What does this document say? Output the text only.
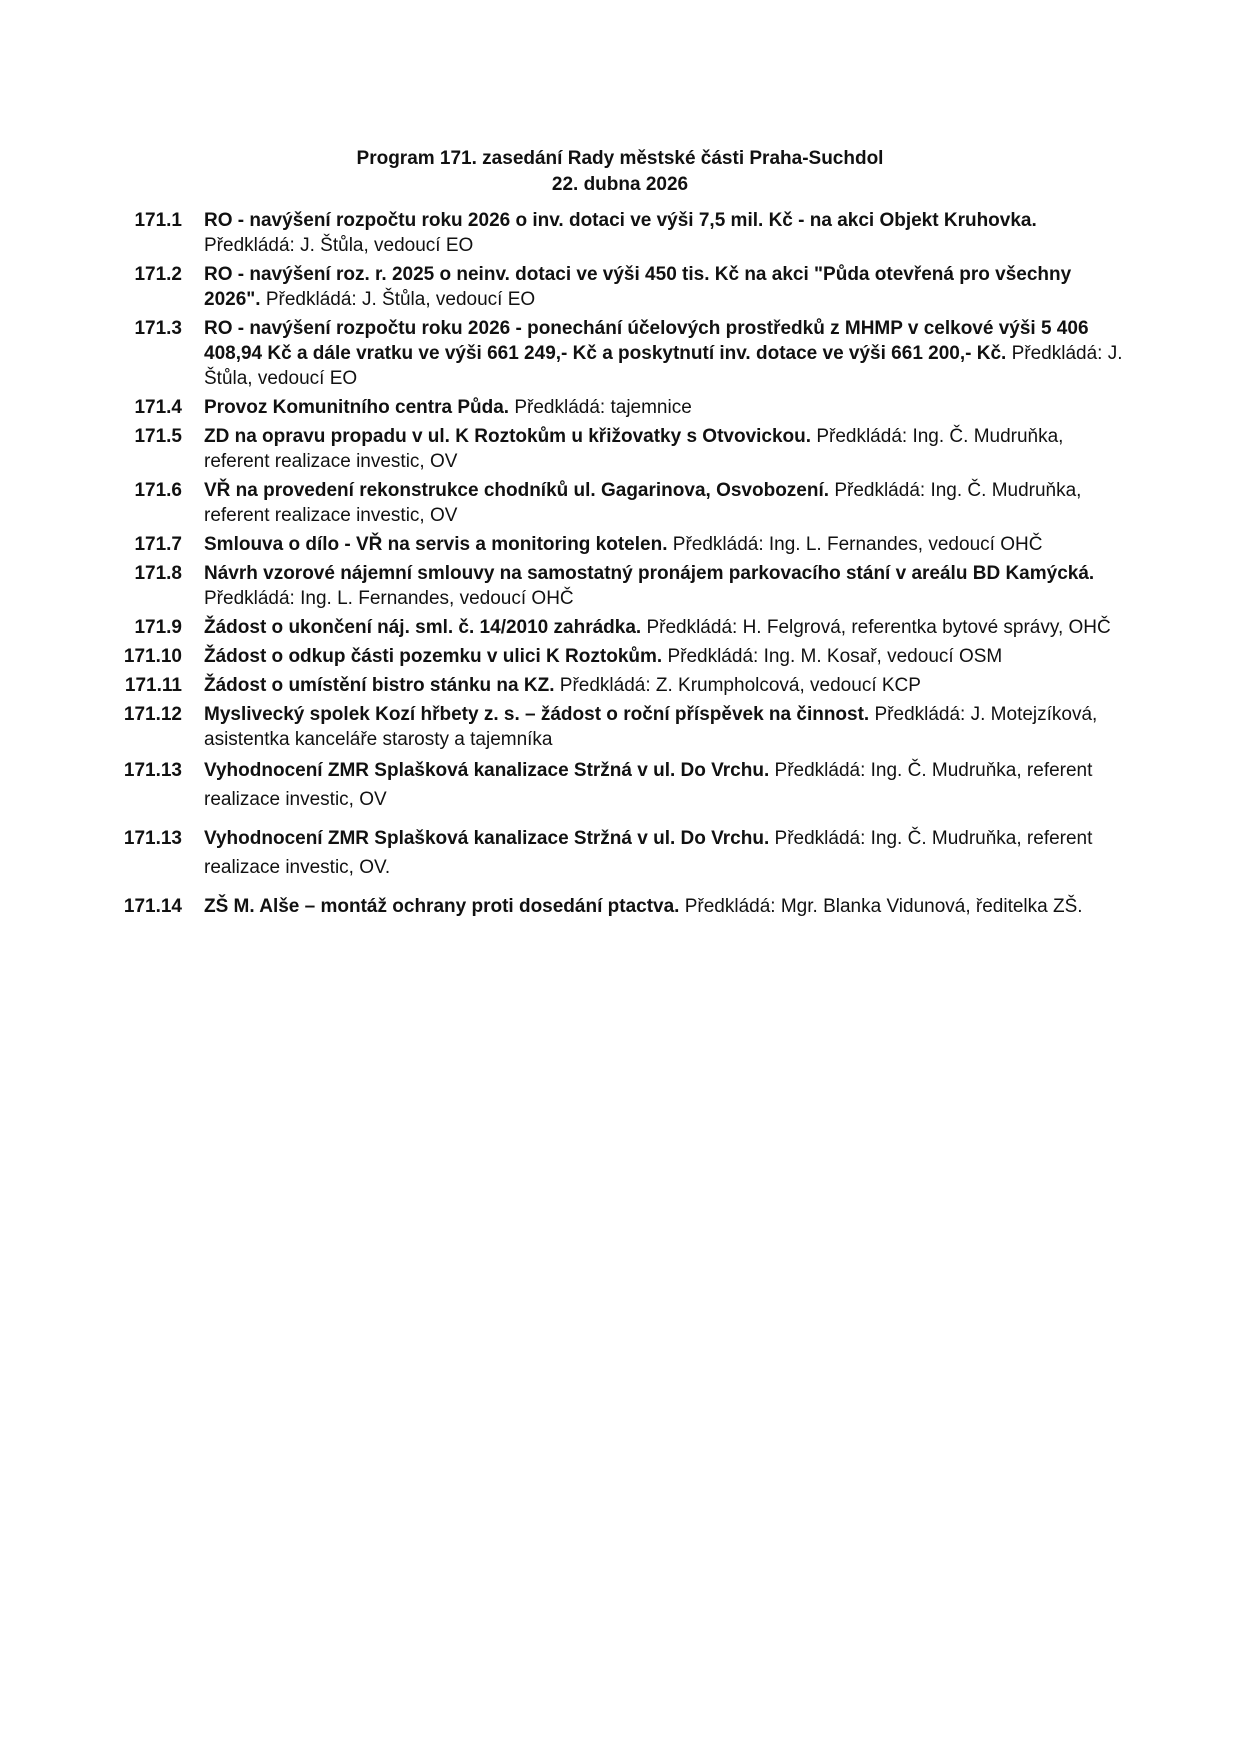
Program 171. zasedání Rady městské části Praha-Suchdol
22. dubna 2026
171.1	RO - navýšení rozpočtu roku 2026 o inv. dotaci ve výši 7,5 mil. Kč - na akci Objekt Kruhovka. Předkládá: J. Štůla, vedoucí EO
171.2	RO - navýšení roz. r. 2025 o neinv. dotaci ve výši 450 tis. Kč na akci "Půda otevřená pro všechny 2026". Předkládá: J. Štůla, vedoucí EO
171.3	RO - navýšení rozpočtu roku 2026 - ponechání účelových prostředků z MHMP v celkové výši 5 406 408,94 Kč a dále vratku ve výši 661 249,- Kč a poskytnutí inv. dotace ve výši 661 200,- Kč. Předkládá: J. Štůla, vedoucí EO
171.4	Provoz Komunitního centra Půda. Předkládá: tajemnice
171.5	ZD na opravu propadu v ul. K Roztokům u křižovatky s Otvovickou. Předkládá: Ing. Č. Mudruňka, referent realizace investic, OV
171.6	VŘ na provedení rekonstrukce chodníků ul. Gagarinova, Osvobození. Předkládá: Ing. Č. Mudruňka, referent realizace investic, OV
171.7	Smlouva o dílo - VŘ na servis a monitoring kotelen. Předkládá: Ing. L. Fernandes, vedoucí OHČ
171.8	Návrh vzorové nájemní smlouvy na samostatný pronájem parkovacího stání v areálu BD Kamýcká. Předkládá: Ing. L. Fernandes, vedoucí OHČ
171.9	Žádost o ukončení náj. sml. č. 14/2010 zahrádka. Předkládá: H. Felgrová, referentka bytové správy, OHČ
171.10	Žádost o odkup části pozemku v ulici K Roztokům. Předkládá: Ing. M. Kosař, vedoucí OSM
171.11	Žádost o umístění bistro stánku na KZ. Předkládá: Z. Krumpholcová, vedoucí KCP
171.12	Myslivecký spolek Kozí hřbety z. s. – žádost o roční příspěvek na činnost. Předkládá: J. Motejzíková, asistentka kanceláře starosty a tajemníka
171.13	Vyhodnocení ZMR Splašková kanalizace Stržná v ul. Do Vrchu. Předkládá: Ing. Č. Mudruňka, referent realizace investic, OV
171.13	Vyhodnocení ZMR Splašková kanalizace Stržná v ul. Do Vrchu. Předkládá: Ing. Č. Mudruňka, referent realizace investic, OV.
171.14	ZŠ M. Alše – montáž ochrany proti dosedání ptactva. Předkládá: Mgr. Blanka Vidunová, ředitelka ZŠ.
